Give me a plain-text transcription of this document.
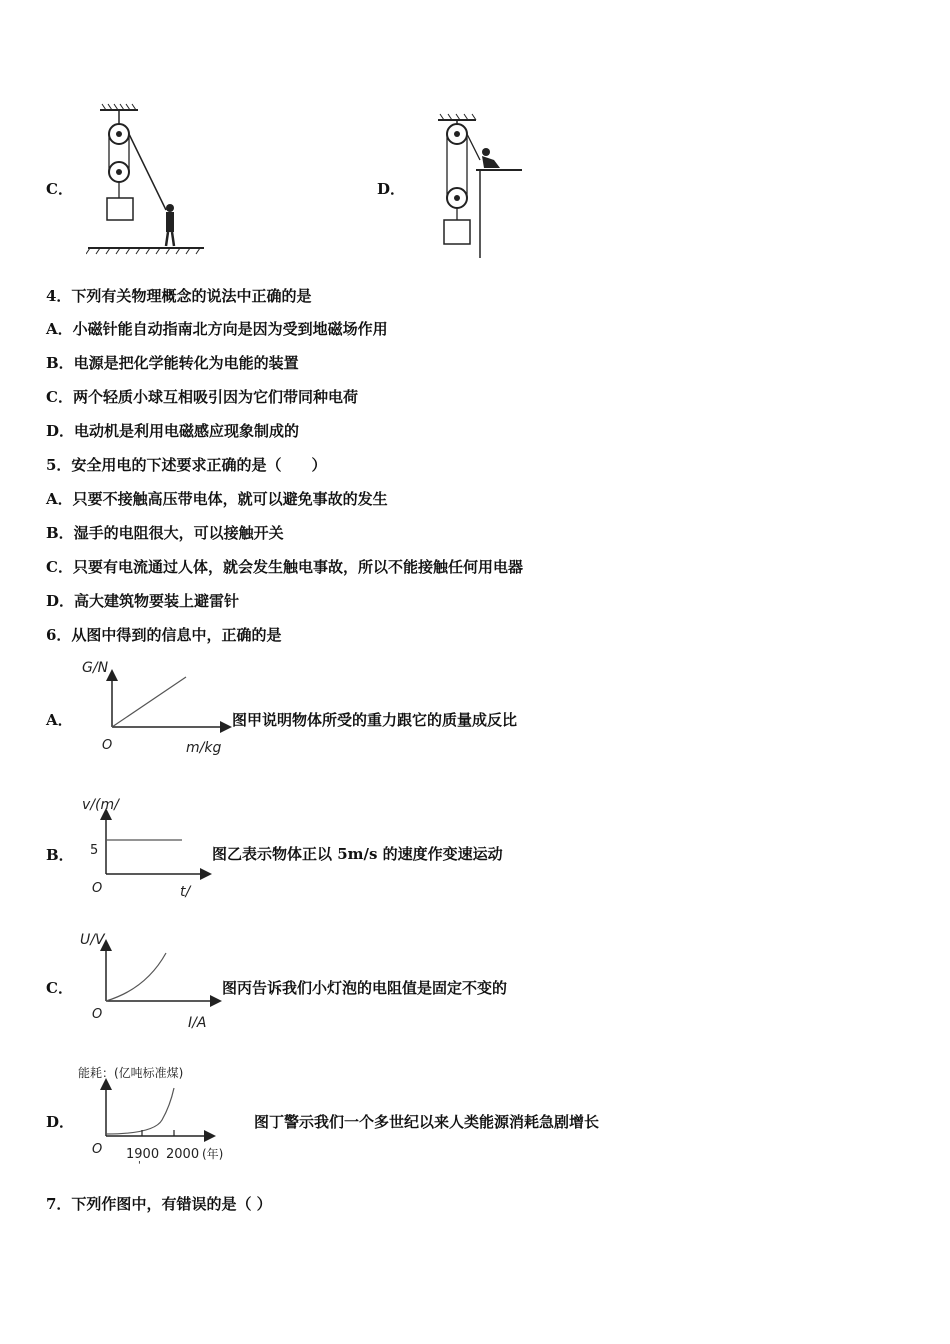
C．	D．
4．下列有关物理概念的说法中正确的是
A．小磁针能自动指南北方向是因为受到地磁场作用
B．电源是把化学能转化为电能的装置
C．两个轻质小球互相吸引因为它们带同种电荷
D．电动机是利用电磁感应现象制成的
5．安全用电的下述要求正确的是（　　）
A．只要不接触高压带电体，就可以避免事故的发生
B．湿手的电阻很大，可以接触开关
C．只要有电流通过人体，就会发生触电事故，所以不能接触任何用电器
D．高大建筑物要装上避雷针
6．从图中得到的信息中，正确的是
A．
G/N
O	m/kg
图甲说明物体所受的重力跟它的质量成反比
B．
v/(m/
5
O	t/
图乙表示物体正以 5m/s 的速度作变速运动
C．
U/V
O
I/A
图丙告诉我们小灯泡的电阻值是固定不变的
D．
能耗：(亿吨标准煤)
O 1900 2000 (年)
'
图丁警示我们一个多世纪以来人类能源消耗急剧增长
7．下列作图中，有错误的是（ ）
